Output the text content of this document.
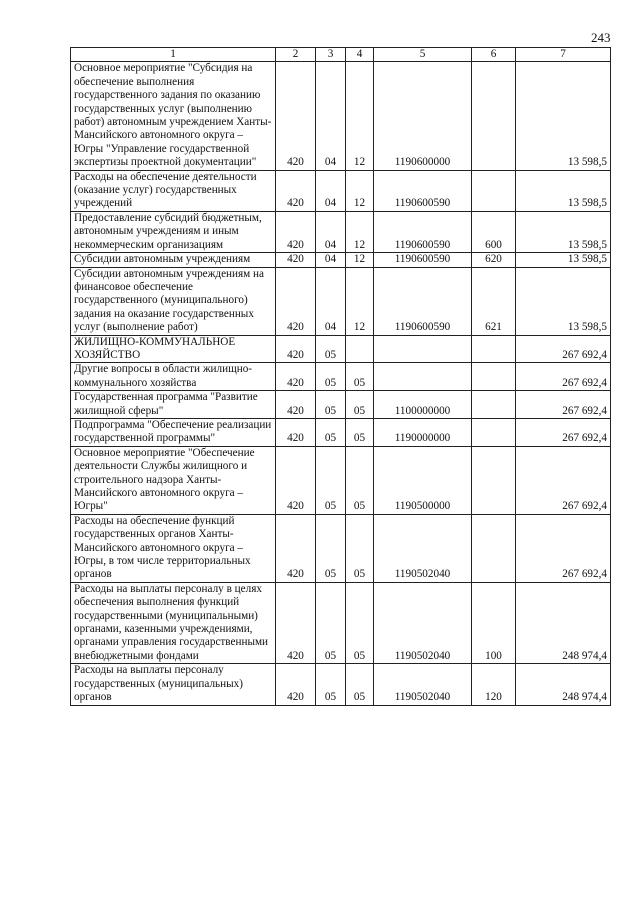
243
1	2	3	4	5	6	7
Основное мероприятие "Субсидия на обеспечение выполнения государственного задания по оказанию государственных услуг (выполнению работ) автономным учреждением Ханты-Мансийского автономного округа – Югры "Управление государственной экспертизы проектной документации"	420	04	12	1190600000		13 598,5
Расходы на обеспечение деятельности (оказание услуг) государственных учреждений	420	04	12	1190600590		13 598,5
Предоставление субсидий бюджетным, автономным учреждениям и иным некоммерческим организациям	420	04	12	1190600590	600	13 598,5
Субсидии автономным учреждениям	420	04	12	1190600590	620	13 598,5
Субсидии автономным учреждениям на финансовое обеспечение государственного (муниципального) задания на оказание государственных услуг (выполнение работ)	420	04	12	1190600590	621	13 598,5
ЖИЛИЩНО-КОММУНАЛЬНОЕ ХОЗЯЙСТВО	420	05				267 692,4
Другие вопросы в области жилищно-коммунального хозяйства	420	05	05			267 692,4
Государственная программа "Развитие жилищной сферы"	420	05	05	1100000000		267 692,4
Подпрограмма "Обеспечение реализации государственной программы"	420	05	05	1190000000		267 692,4
Основное мероприятие "Обеспечение деятельности Службы жилищного и строительного надзора Ханты-Мансийского автономного округа – Югры"	420	05	05	1190500000		267 692,4
Расходы на обеспечение функций государственных органов Ханты-Мансийского автономного округа – Югры, в том числе территориальных органов	420	05	05	1190502040		267 692,4
Расходы на выплаты персоналу в целях обеспечения выполнения функций государственными (муниципальными) органами, казенными учреждениями, органами управления государственными внебюджетными фондами	420	05	05	1190502040	100	248 974,4
Расходы на выплаты персоналу государственных (муниципальных) органов	420	05	05	1190502040	120	248 974,4
